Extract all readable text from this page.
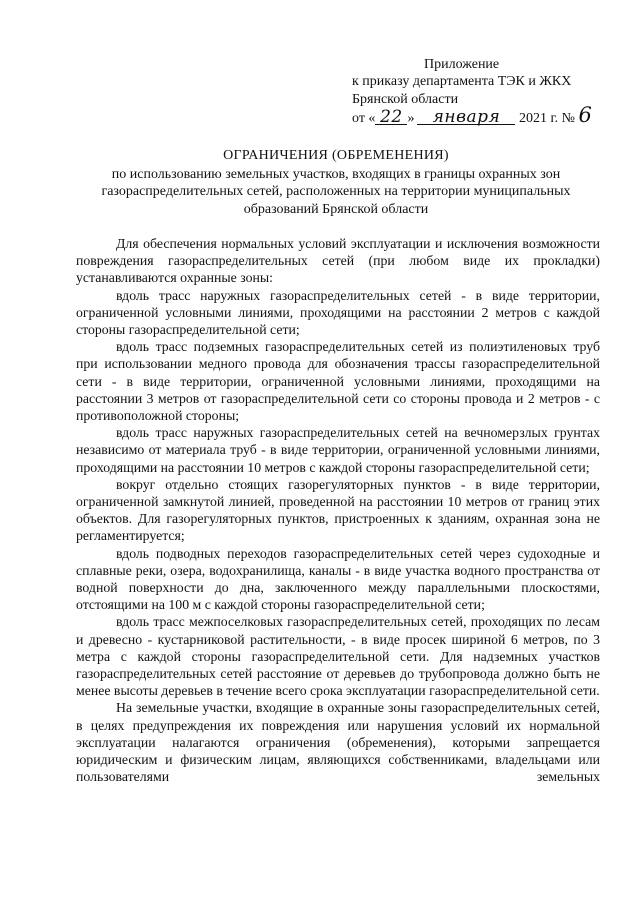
Приложение
к приказу департамента ТЭК и ЖКХ
Брянской области
от « 22 » января 2021 г. № 6
ОГРАНИЧЕНИЯ (ОБРЕМЕНЕНИЯ)
по использованию земельных участков, входящих в границы охранных зон газораспределительных сетей, расположенных на территории муниципальных образований Брянской области

Для обеспечения нормальных условий эксплуатации и исключения возможности повреждения газораспределительных сетей (при любом виде их прокладки) устанавливаются охранные зоны:

вдоль трасс наружных газораспределительных сетей - в виде территории, ограниченной условными линиями, проходящими на расстоянии 2 метров с каждой стороны газораспределительной сети;

вдоль трасс подземных газораспределительных сетей из полиэтиленовых труб при использовании медного провода для обозначения трассы газораспределительной сети - в виде территории, ограниченной условными линиями, проходящими на расстоянии 3 метров от газораспределительной сети со стороны провода и 2 метров - с противоположной стороны;

вдоль трасс наружных газораспределительных сетей на вечномерзлых грунтах независимо от материала труб - в виде территории, ограниченной условными линиями, проходящими на расстоянии 10 метров с каждой стороны газораспределительной сети;

вокруг отдельно стоящих газорегуляторных пунктов - в виде территории, ограниченной замкнутой линией, проведенной на расстоянии 10 метров от границ этих объектов. Для газорегуляторных пунктов, пристроенных к зданиям, охранная зона не регламентируется;

вдоль подводных переходов газораспределительных сетей через судоходные и сплавные реки, озера, водохранилища, каналы - в виде участка водного пространства от водной поверхности до дна, заключенного между параллельными плоскостями, отстоящими на 100 м с каждой стороны газораспределительной сети;

вдоль трасс межпоселковых газораспределительных сетей, проходящих по лесам и древесно - кустарниковой растительности, - в виде просек шириной 6 метров, по 3 метра с каждой стороны газораспределительной сети. Для надземных участков газораспределительных сетей расстояние от деревьев до трубопровода должно быть не менее высоты деревьев в течение всего срока эксплуатации газораспределительной сети.

На земельные участки, входящие в охранные зоны газораспределительных сетей, в целях предупреждения их повреждения или нарушения условий их нормальной эксплуатации налагаются ограничения (обременения), которыми запрещается юридическим и физическим лицам, являющихся собственниками, владельцами или пользователями земельных
